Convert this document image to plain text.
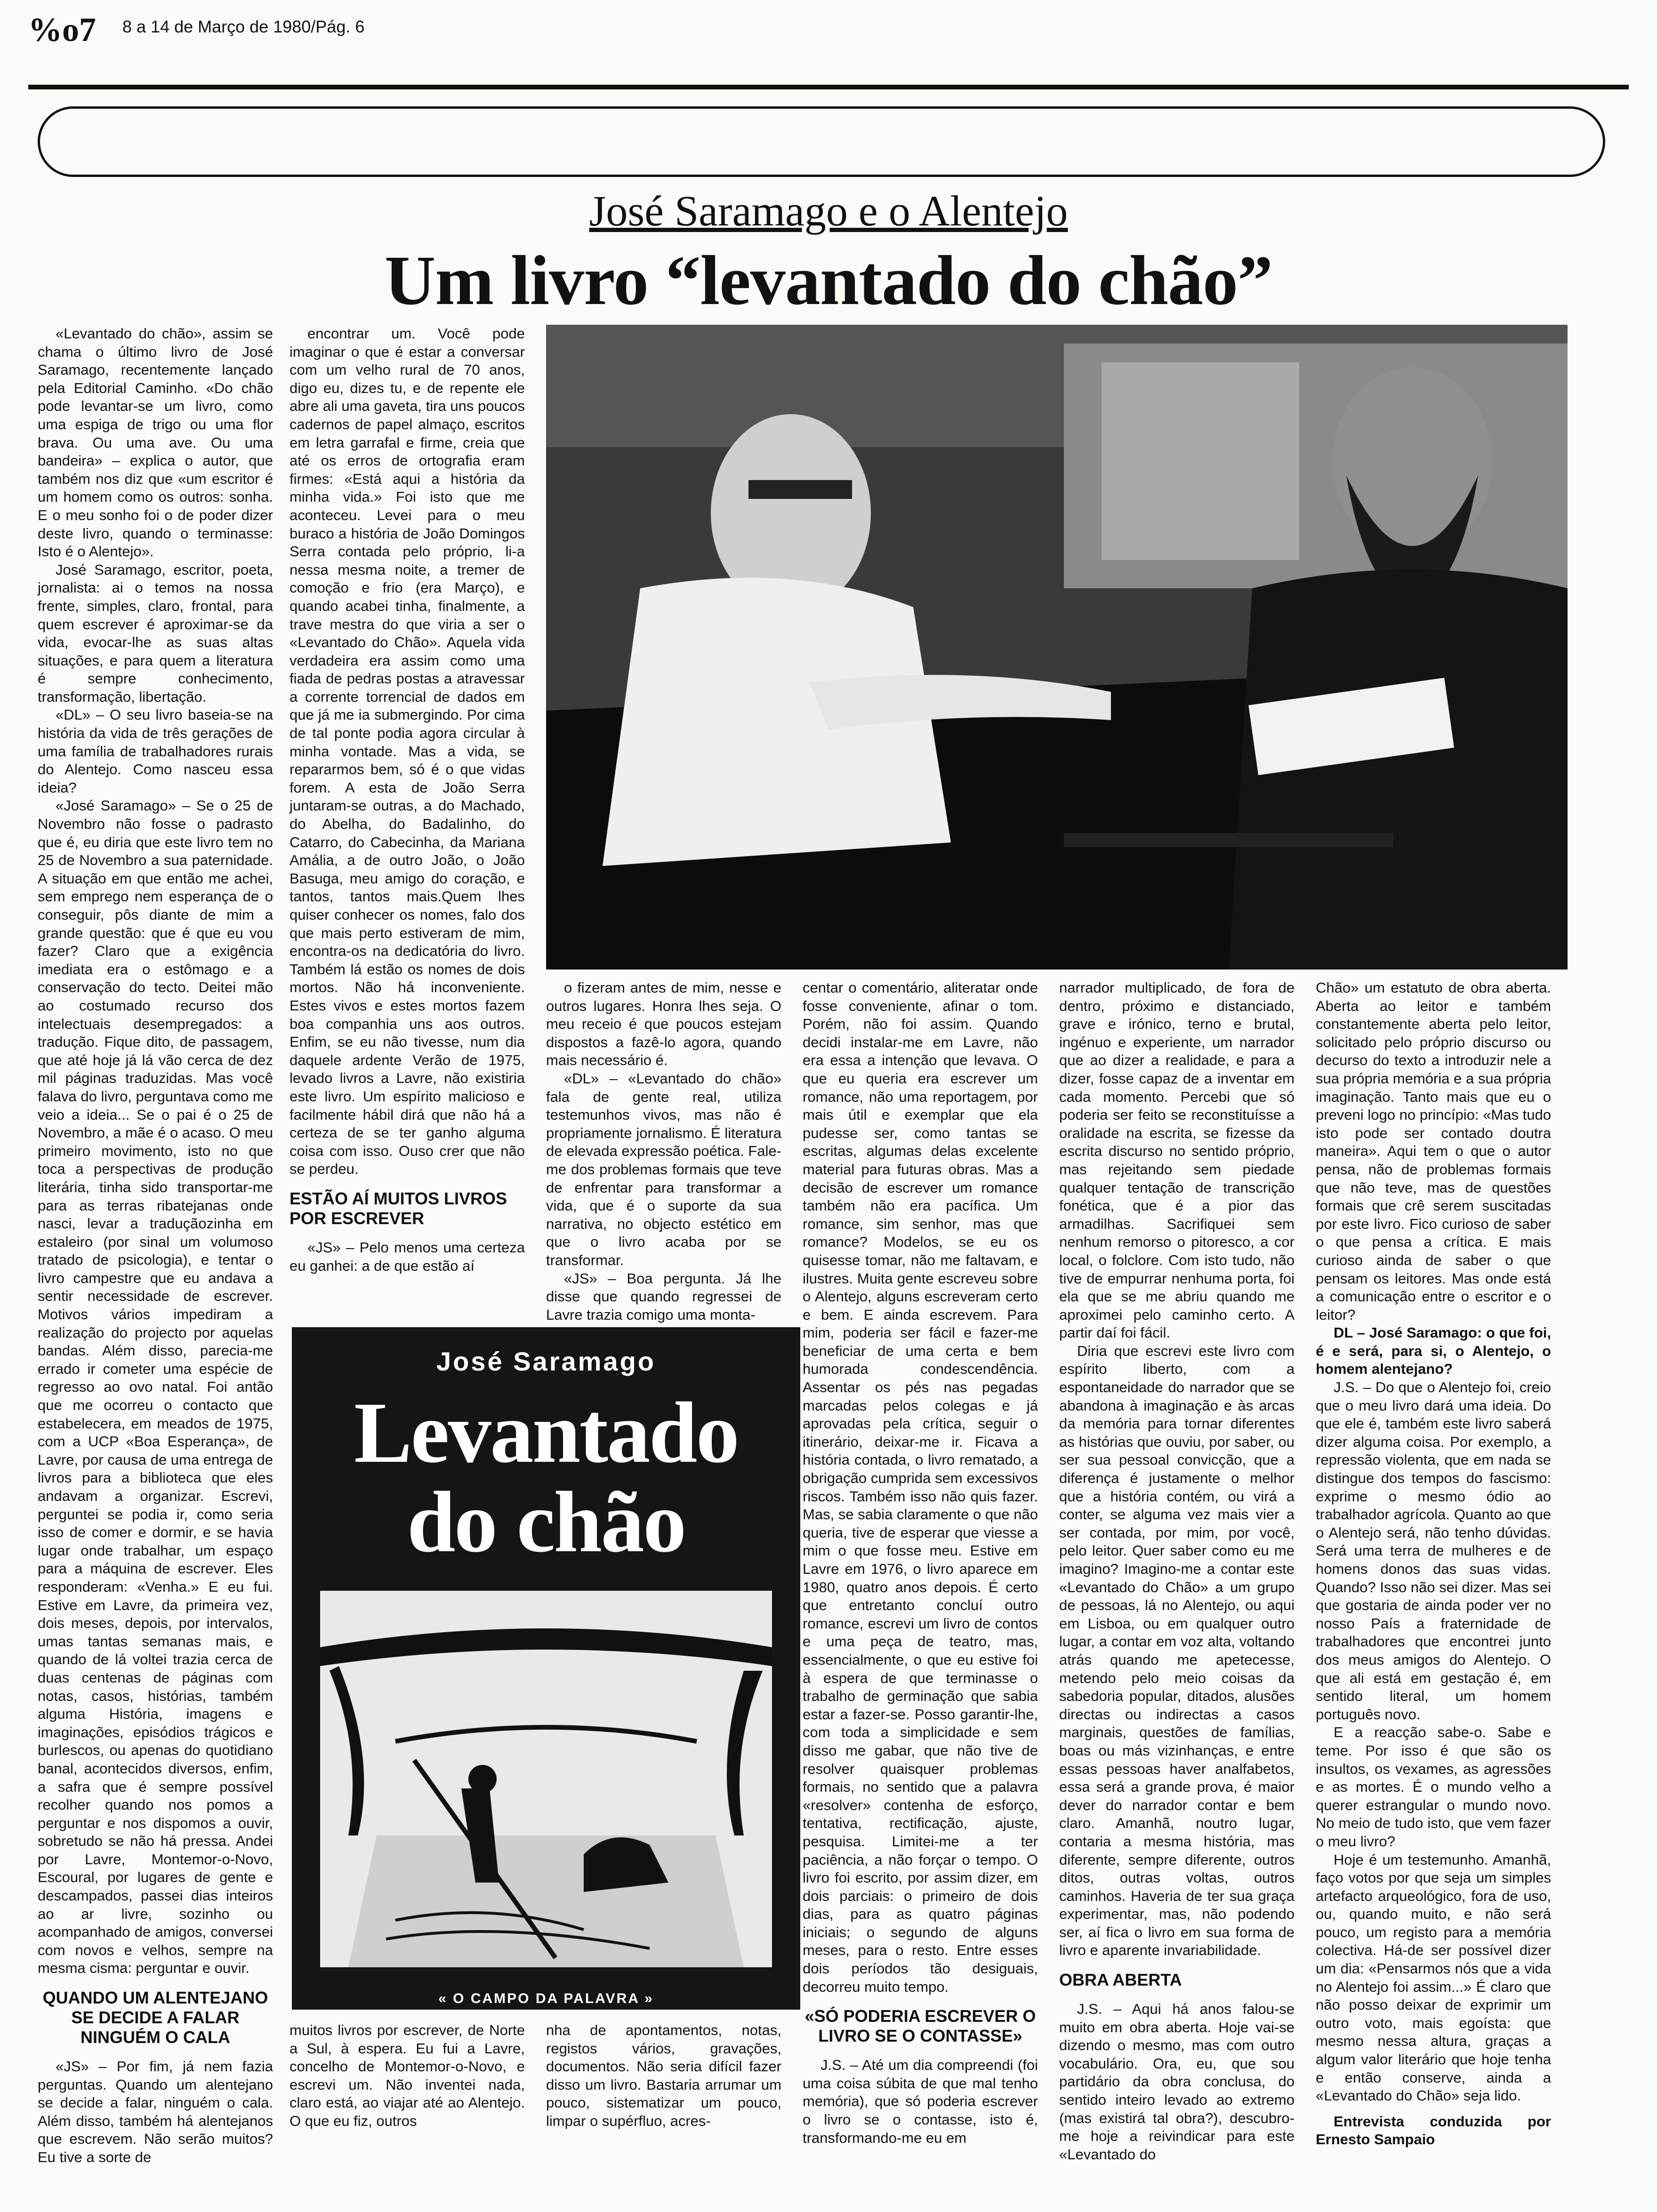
%o7 8 a 14 de Março de 1980/Pág. 6
José Saramago e o Alentejo
Um livro “levantado do chão”

«Levantado do chão», assim se chama o último livro de José Saramago, recentemente lançado pela Editorial Caminho. «Do chão pode levantar-se um livro, como uma espiga de trigo ou uma flor brava. Ou uma ave. Ou uma bandeira» – explica o autor, que também nos diz que «um escritor é um homem como os outros: sonha. E o meu sonho foi o de poder dizer deste livro, quando o terminasse: Isto é o Alentejo».

José Saramago, escritor, poeta, jornalista: ai o temos na nossa frente, simples, claro, frontal, para quem escrever é aproximar-se da vida, evocar-lhe as suas altas situações, e para quem a literatura é sempre conhecimento, transformação, libertação.

«DL» – O seu livro baseia-se na história da vida de três gerações de uma família de trabalhadores rurais do Alentejo. Como nasceu essa ideia?

«José Saramago» – Se o 25 de Novembro não fosse o padrasto que é, eu diria que este livro tem no 25 de Novembro a sua paternidade. A situação em que então me achei, sem emprego nem esperança de o conseguir, pôs diante de mim a grande questão: que é que eu vou fazer? Claro que a exigência imediata era o estômago e a conservação do tecto. Deitei mão ao costumado recurso dos intelectuais desempregados: a tradução. Fique dito, de passagem, que até hoje já lá vão cerca de dez mil páginas traduzidas. Mas você falava do livro, perguntava como me veio a ideia... Se o pai é o 25 de Novembro, a mãe é o acaso. O meu primeiro movimento, isto no que toca a perspectivas de produção literária, tinha sido transportar-me para as terras ribatejanas onde nasci, levar a traduçãozinha em estaleiro (por sinal um volumoso tratado de psicologia), e tentar o livro campestre que eu andava a sentir necessidade de escrever. Motivos vários impediram a realização do projecto por aquelas bandas. Além disso, parecia-me errado ir cometer uma espécie de regresso ao ovo natal. Foi antão que me ocorreu o contacto que estabelecera, em meados de 1975, com a UCP «Boa Esperança», de Lavre, por causa de uma entrega de livros para a biblioteca que eles andavam a organizar. Escrevi, perguntei se podia ir, como seria isso de comer e dormir, e se havia lugar onde trabalhar, um espaço para a máquina de escrever. Eles responderam: «Venha.» E eu fui. Estive em Lavre, da primeira vez, dois meses, depois, por intervalos, umas tantas semanas mais, e quando de lá voltei trazia cerca de duas centenas de páginas com notas, casos, histórias, também alguma História, imagens e imaginações, episódios trágicos e burlescos, ou apenas do quotidiano banal, acontecidos diversos, enfim, a safra que é sempre possível recolher quando nos pomos a perguntar e nos dispomos a ouvir, sobretudo se não há pressa. Andei por Lavre, Montemor-o-Novo, Escoural, por lugares de gente e descampados, passei dias inteiros ao ar livre, sozinho ou acompanhado de amigos, conversei com novos e velhos, sempre na mesma cisma: perguntar e ouvir.

QUANDO UM ALENTEJANO SE DECIDE A FALAR NINGUÉM O CALA

«JS» – Por fim, já nem fazia perguntas. Quando um alentejano se decide a falar, ninguém o cala. Além disso, também há alentejanos que escrevem. Não serão muitos? Eu tive a sorte de

encontrar um. Você pode imaginar o que é estar a conversar com um velho rural de 70 anos, digo eu, dizes tu, e de repente ele abre ali uma gaveta, tira uns poucos cadernos de papel almaço, escritos em letra garrafal e firme, creia que até os erros de ortografia eram firmes: «Está aqui a história da minha vida.» Foi isto que me aconteceu. Levei para o meu buraco a história de João Domingos Serra contada pelo próprio, li-a nessa mesma noite, a tremer de comoção e frio (era Março), e quando acabei tinha, finalmente, a trave mestra do que viria a ser o «Levantado do Chão». Aquela vida verdadeira era assim como uma fiada de pedras postas a atravessar a corrente torrencial de dados em que já me ia submergindo. Por cima de tal ponte podia agora circular à minha vontade. Mas a vida, se repararmos bem, só é o que vidas forem. A esta de João Serra juntaram-se outras, a do Machado, do Abelha, do Badalinho, do Catarro, do Cabecinha, da Mariana Amália, a de outro João, o João Basuga, meu amigo do coração, e tantos, tantos mais.Quem lhes quiser conhecer os nomes, falo dos que mais perto estiveram de mim, encontra-os na dedicatória do livro. Também lá estão os nomes de dois mortos. Não há inconveniente. Estes vivos e estes mortos fazem boa companhia uns aos outros. Enfim, se eu não tivesse, num dia daquele ardente Verão de 1975, levado livros a Lavre, não existiria este livro. Um espírito malicioso e facilmente hábil dirá que não há a certeza de se ter ganho alguma coisa com isso. Ouso crer que não se perdeu.

ESTÃO AÍ MUITOS LIVROS POR ESCREVER

«JS» – Pelo menos uma certeza eu ganhei: a de que estão aí

o fizeram antes de mim, nesse e outros lugares. Honra lhes seja. O meu receio é que poucos estejam dispostos a fazê-lo agora, quando mais necessário é.

«DL» – «Levantado do chão» fala de gente real, utiliza testemunhos vivos, mas não é propriamente jornalismo. É literatura de elevada expressão poética. Fale-me dos problemas formais que teve de enfrentar para transformar a vida, que é o suporte da sua narrativa, no objecto estético em que o livro acaba por se transformar.

«JS» – Boa pergunta. Já lhe disse que quando regressei de Lavre trazia comigo uma monta-

José Saramago
Levantado
do chão
« O CAMPO DA PALAVRA »

muitos livros por escrever, de Norte a Sul, à espera. Eu fui a Lavre, concelho de Montemor-o-Novo, e escrevi um. Não inventei nada, claro está, ao viajar até ao Alentejo. O que eu fiz, outros

nha de apontamentos, notas, registos vários, gravações, documentos. Não seria difícil fazer disso um livro. Bastaria arrumar um pouco, sistematizar um pouco, limpar o supérfluo, acres-

centar o comentário, aliteratar onde fosse conveniente, afinar o tom. Porém, não foi assim. Quando decidi instalar-me em Lavre, não era essa a intenção que levava. O que eu queria era escrever um romance, não uma reportagem, por mais útil e exemplar que ela pudesse ser, como tantas se escritas, algumas delas excelente material para futuras obras. Mas a decisão de escrever um romance também não era pacífica. Um romance, sim senhor, mas que romance? Modelos, se eu os quisesse tomar, não me faltavam, e ilustres. Muita gente escreveu sobre o Alentejo, alguns escreveram certo e bem. E ainda escrevem. Para mim, poderia ser fácil e fazer-me beneficiar de uma certa e bem humorada condescendência. Assentar os pés nas pegadas marcadas pelos colegas e já aprovadas pela crítica, seguir o itinerário, deixar-me ir. Ficava a história contada, o livro rematado, a obrigação cumprida sem excessivos riscos. Também isso não quis fazer. Mas, se sabia claramente o que não queria, tive de esperar que viesse a mim o que fosse meu. Estive em Lavre em 1976, o livro aparece em 1980, quatro anos depois. É certo que entretanto concluí outro romance, escrevi um livro de contos e uma peça de teatro, mas, essencialmente, o que eu estive foi à espera de que terminasse o trabalho de germinação que sabia estar a fazer-se. Posso garantir-lhe, com toda a simplicidade e sem disso me gabar, que não tive de resolver quaisquer problemas formais, no sentido que a palavra «resolver» contenha de esforço, tentativa, rectificação, ajuste, pesquisa. Limitei-me a ter paciência, a não forçar o tempo. O livro foi escrito, por assim dizer, em dois parciais: o primeiro de dois dias, para as quatro páginas iniciais; o segundo de alguns meses, para o resto. Entre esses dois períodos tão desiguais, decorreu muito tempo.

«SÓ PODERIA ESCREVER O LIVRO SE O CONTASSE»

J.S. – Até um dia compreendi (foi uma coisa súbita de que mal tenho memória), que só poderia escrever o livro se o contasse, isto é, transformando-me eu em

narrador multiplicado, de fora de dentro, próximo e distanciado, grave e irónico, terno e brutal, ingénuo e experiente, um narrador que ao dizer a realidade, e para a dizer, fosse capaz de a inventar em cada momento. Percebi que só poderia ser feito se reconstituísse a oralidade na escrita, se fizesse da escrita discurso no sentido próprio, mas rejeitando sem piedade qualquer tentação de transcrição fonética, que é a pior das armadilhas. Sacrifiquei sem nenhum remorso o pitoresco, a cor local, o folclore. Com isto tudo, não tive de empurrar nenhuma porta, foi ela que se me abriu quando me aproximei pelo caminho certo. A partir daí foi fácil.

Diria que escrevi este livro com espírito liberto, com a espontaneidade do narrador que se abandona à imaginação e às arcas da memória para tornar diferentes as histórias que ouviu, por saber, ou ser sua pessoal convicção, que a diferença é justamente o melhor que a história contém, ou virá a conter, se alguma vez mais vier a ser contada, por mim, por você, pelo leitor. Quer saber como eu me imagino? Imagino-me a contar este «Levantado do Chão» a um grupo de pessoas, lá no Alentejo, ou aqui em Lisboa, ou em qualquer outro lugar, a contar em voz alta, voltando atrás quando me apetecesse, metendo pelo meio coisas da sabedoria popular, ditados, alusões directas ou indirectas a casos marginais, questões de famílias, boas ou más vizinhanças, e entre essas pessoas haver analfabetos, essa será a grande prova, é maior dever do narrador contar e bem claro. Amanhã, noutro lugar, contaria a mesma história, mas diferente, sempre diferente, outros ditos, outras voltas, outros caminhos. Haveria de ter sua graça experimentar, mas, não podendo ser, aí fica o livro em sua forma de livro e aparente invariabilidade.

OBRA ABERTA

J.S. – Aqui há anos falou-se muito em obra aberta. Hoje vai-se dizendo o mesmo, mas com outro vocabulário. Ora, eu, que sou partidário da obra conclusa, do sentido inteiro levado ao extremo (mas existirá tal obra?), descubro-me hoje a reivindicar para este «Levantado do

Chão» um estatuto de obra aberta. Aberta ao leitor e também constantemente aberta pelo leitor, solicitado pelo próprio discurso ou decurso do texto a introduzir nele a sua própria memória e a sua própria imaginação. Tanto mais que eu o preveni logo no princípio: «Mas tudo isto pode ser contado doutra maneira». Aqui tem o que o autor pensa, não de problemas formais que não teve, mas de questões formais que crê serem suscitadas por este livro. Fico curioso de saber o que pensa a crítica. E mais curioso ainda de saber o que pensam os leitores. Mas onde está a comunicação entre o escritor e o leitor?

DL – José Saramago: o que foi, é e será, para si, o Alentejo, o homem alentejano?

J.S. – Do que o Alentejo foi, creio que o meu livro dará uma ideia. Do que ele é, também este livro saberá dizer alguma coisa. Por exemplo, a repressão violenta, que em nada se distingue dos tempos do fascismo: exprime o mesmo ódio ao trabalhador agrícola. Quanto ao que o Alentejo será, não tenho dúvidas. Será uma terra de mulheres e de homens donos das suas vidas. Quando? Isso não sei dizer. Mas sei que gostaria de ainda poder ver no nosso País a fraternidade de trabalhadores que encontrei junto dos meus amigos do Alentejo. O que ali está em gestação é, em sentido literal, um homem português novo.

E a reacção sabe-o. Sabe e teme. Por isso é que são os insultos, os vexames, as agressões e as mortes. É o mundo velho a querer estrangular o mundo novo. No meio de tudo isto, que vem fazer o meu livro?

Hoje é um testemunho. Amanhã, faço votos por que seja um simples artefacto arqueológico, fora de uso, ou, quando muito, e não será pouco, um registo para a memória colectiva. Há-de ser possível dizer um dia: «Pensarmos nós que a vida no Alentejo foi assim...» É claro que não posso deixar de exprimir um outro voto, mais egoísta: que mesmo nessa altura, graças a algum valor literário que hoje tenha e então conserve, ainda a «Levantado do Chão» seja lido.

Entrevista conduzida por Ernesto Sampaio
